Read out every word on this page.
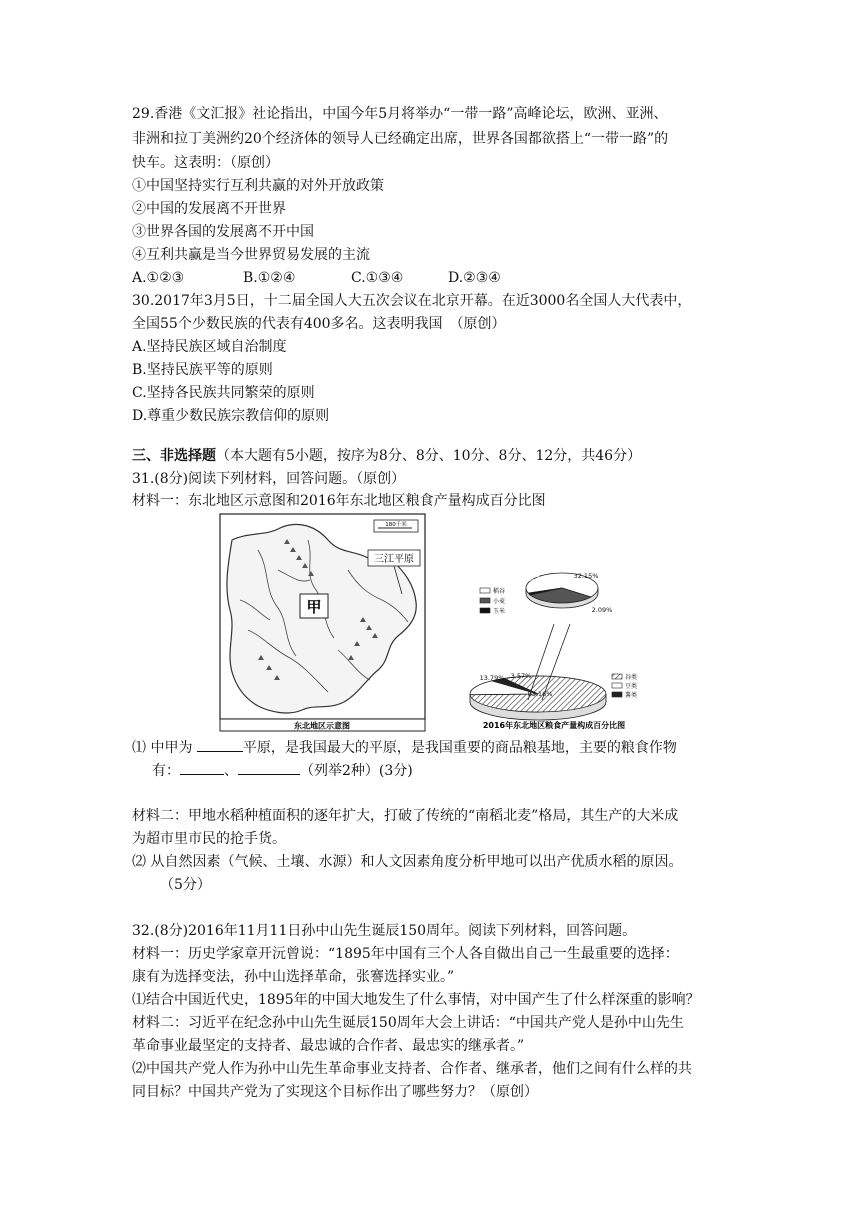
29.香港《文汇报》社论指出，中国今年5月将举办“一带一路”高峰论坛，欧洲、亚洲、
非洲和拉丁美洲约20个经济体的领导人已经确定出席，世界各国都欲搭上“一带一路”的
快车。这表明：（原创）
①中国坚持实行互利共赢的对外开放政策
②中国的发展离不开世界
③世界各国的发展离不开中国
④互利共赢是当今世界贸易发展的主流
A.①②③	B.①②④	C.①③④	D.②③④
30.2017年3月5日，十二届全国人大五次会议在北京开幕。在近3000名全国人大代表中，
全国55个少数民族的代表有400多名。这表明我国　（原创）
A.坚持民族区域自治制度
B.坚持民族平等的原则
C.坚持各民族共同繁荣的原则
D.尊重少数民族宗教信仰的原则
三、非选择题（本大题有5小题，按序为8分、8分、10分、8分、12分，共46分）
31.(8分)阅读下列材料，回答问题。（原创）
材料一：东北地区示意图和2016年东北地区粮食产量构成百分比图
东北地区示意图
甲
三江平原
180千米
65.76%	32.15%
2.09%
13.79% 3.57%
83.16%
稻谷
小麦
玉米
谷类
豆类
薯类
2016年东北地区粮食产量构成百分比图
⑴ 中甲为	平原，是我国最大的平原，是我国重要的商品粮基地，主要的粮食作物
有：	、	（列举2种）(3分)
材料二：甲地水稻种植面积的逐年扩大，打破了传统的“南稻北麦”格局，其生产的大米成
为超市里市民的抢手货。
⑵ 从自然因素（气候、土壤、水源）和人文因素角度分析甲地可以出产优质水稻的原因。
（5分）
32.(8分)2016年11月11日孙中山先生诞辰150周年。阅读下列材料，回答问题。
材料一：历史学家章开沅曾说：“1895年中国有三个人各自做出自己一生最重要的选择：
康有为选择变法，孙中山选择革命，张謇选择实业。”
⑴结合中国近代史，1895年的中国大地发生了什么事情，对中国产生了什么样深重的影响？
材料二：习近平在纪念孙中山先生诞辰150周年大会上讲话：“中国共产党人是孙中山先生
革命事业最坚定的支持者、最忠诚的合作者、最忠实的继承者。”
⑵中国共产党人作为孙中山先生革命事业支持者、合作者、继承者，他们之间有什么样的共
同目标？中国共产党为了实现这个目标作出了哪些努力？（原创）
